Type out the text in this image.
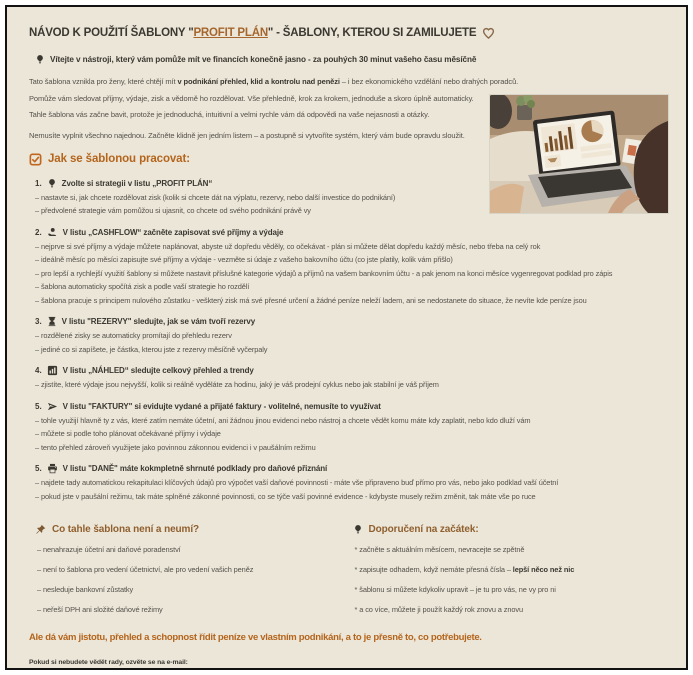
NÁVOD K POUŽITÍ ŠABLONY "PROFIT PLÁN" - ŠABLONY, KTEROU SI ZAMILUJETE
Vítejte v nástroji, který vám pomůže mít ve financích konečně jasno - za pouhých 30 minut vašeho času měsíčně

Tato šablona vznikla pro ženy, které chtějí mít v podnikání přehled, klid a kontrolu nad penězi – i bez ekonomického vzdělání nebo drahých poradců.

Pomůže vám sledovat příjmy, výdaje, zisk a vědomě ho rozdělovat. Vše přehledně, krok za krokem, jednoduše a skoro úplně automaticky.

Tahle šablona vás začne bavit, protože je jednoduchá, intuitivní a velmi rychle vám dá odpovědi na vaše nejasnosti a otázky.

Nemusíte vyplnit všechno najednou. Začněte klidně jen jedním listem – a postupně si vytvoříte systém, který vám bude opravdu sloužit.

Jak se šablonou pracovat:
1.	Zvolte si strategii v listu „PROFIT PLÁN“
– nastavte si, jak chcete rozdělovat zisk (kolik si chcete dát na výplatu, rezervy, nebo další investice do podnikání)
– předvolené strategie vám pomůžou si ujasnit, co chcete od svého podnikání právě vy
2.	V listu „CASHFLOW“ začněte zapisovat své příjmy a výdaje
– nejprve si své příjmy a výdaje můžete naplánovat, abyste už dopředu věděly, co očekávat - plán si můžete dělat dopředu každý měsíc, nebo třeba na celý rok
– ideálně měsíc po měsíci zapisujte své příjmy a výdaje - vezměte si údaje z vašeho bakovního účtu (co jste platily, kolik vám přišlo)
– pro lepší a rychlejší využití šablony si můžete nastavit příslušné kategorie výdajů a příjmů na vašem bankovním účtu - a pak jenom na konci měsíce vygenregovat podklad pro zápis
– šablona automaticky spočítá zisk a podle vaší strategie ho rozdělí
– šablona pracuje s principem nulového zůstatku - veškterý zisk má své přesné určení a žádné peníze neleží ladem, ani se nedostanete do situace, že nevíte kde peníze jsou
3.	V listu "REZERVY" sledujte, jak se vám tvoří rezervy
– rozdělené zisky se automaticky promítají do přehledu rezerv
– jediné co si zapíšete, je částka, kterou jste z rezervy měsíčně vyčerpaly
4.	V listu „NÁHLED“ sledujte celkový přehled a trendy
– zjistíte, které výdaje jsou nejvyšší, kolik si reálně vyděláte za hodinu, jaký je váš prodejní cyklus nebo jak stabilní je váš příjem
5.	V listu "FAKTURY" si evidujte vydané a přijaté faktury - volitelné, nemusíte to využívat
– tohle využijí hlavně ty z vás, které zatím nemáte účetní, ani žádnou jinou evidenci nebo nástroj a chcete vědět komu máte kdy zaplatit, nebo kdo dluží vám
– můžete si podle toho plánovat očekávané příjmy i výdaje
– tento přehled zároveň využijete jako povinnou zákonnou evidenci i v paušálním režimu
5.	V listu "DANĚ" máte kokmpletně shrnuté podklady pro daňové přiznání
– najdete tady automatickou rekapitulaci klíčových údajů pro výpočet vaší daňové povinnosti - máte vše připraveno buď přímo pro vás, nebo jako podklad vaší účetní
– pokud jste v paušální režimu, tak máte splněné zákonné povinnosti, co se týče vaší povinné evidence - kdybyste musely režim změnit, tak máte vše po ruce
Co tahle šablona není a neumí?
– nenahrazuje účetní ani daňové poradenství
– není to šablona pro vedení účetnictví, ale pro vedení vašich peněz
– nesleduje bankovní zůstatky
– neřeší DPH ani složité daňové režimy
Doporučení na začátek:
* začněte s aktuálním měsícem, nevracejte se zpětně
* zapisujte odhadem, když nemáte přesná čísla – lepší něco než nic
* šablonu si můžete kdykoliv upravit – je tu pro vás, ne vy pro ni
* a co více, můžete ji použít každý rok znovu a znovu
Ale dá vám jistotu, přehled a schopnost řídit peníze ve vlastním podnikání, a to je přesně to, co potřebujete.
Pokud si nebudete vědět rady, ozvěte se na e-mail:
